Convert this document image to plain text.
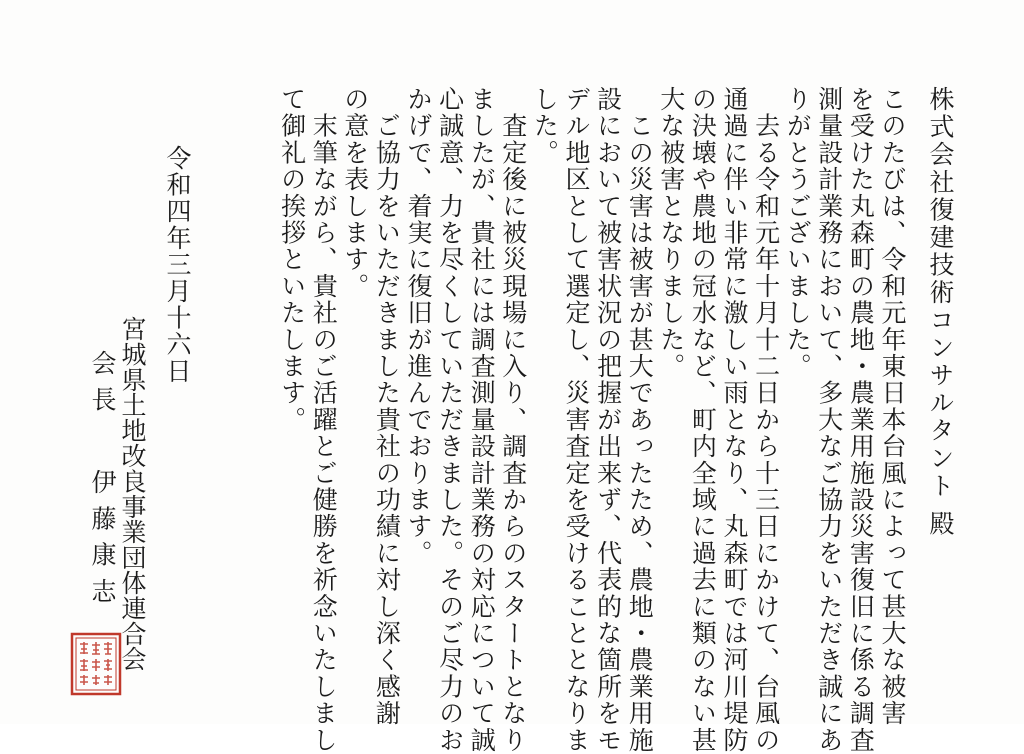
株式会社復建技術コンサルタント 殿
このたびは、令和元年東日本台風によって甚大な被害
を受けた丸森町の農地・農業用施設災害復旧に係る調査
測量設計業務において、多大なご協力をいただき誠にあ
りがとうございました。
　去る令和元年十月十二日から十三日にかけて、台風の
通過に伴い非常に激しい雨となり、丸森町では河川堤防
の決壊や農地の冠水など、町内全域に過去に類のない甚
大な被害となりました。
　この災害は被害が甚大であったため、農地・農業用施
設において被害状況の把握が出来ず、代表的な箇所をモ
デル地区として選定し、災害査定を受けることとなりま
した。
　査定後に被災現場に入り、調査からのスタートとなり
ましたが、貴社には調査測量設計業務の対応について誠
心誠意、力を尽くしていただきました。そのご尽力のお
かげで、着実に復旧が進んでおります。
　ご協力をいただきました貴社の功績に対し深く感謝
の意を表します。
　末筆ながら、貴社のご活躍とご健勝を祈念いたしまし
て御礼の挨拶といたします。
令和四年三月十六日
宮城県土地改良事業団体連合会
会 長伊 藤 康 志
